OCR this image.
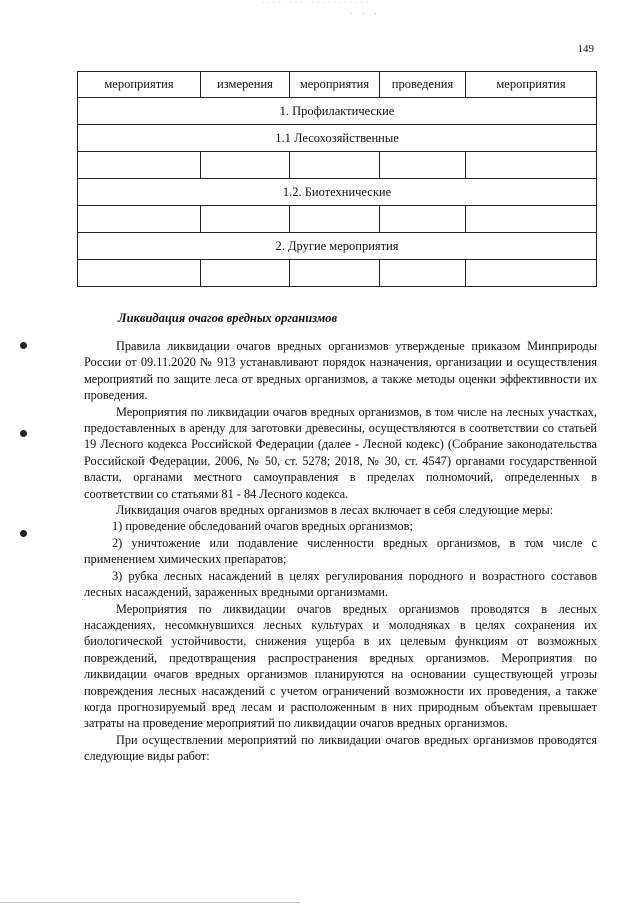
· · · · · · · · · · · · · · · · · · · ·
· · ·
149
мероприятия	измерения	мероприятия	проведения	мероприятия
1. Профилактические				
1.1 Лесохозяйственные				

1.2. Биотехнические				

2. Другие мероприятия				

Ликвидация очагов вредных организмов

Правила ликвидации очагов вредных организмов утвержденые приказом Минприроды России от 09.11.2020 № 913 устанавливают порядок назначения, организации и осуществления мероприятий по защите леса от вредных организмов, а также методы оценки эффективности их проведения.

Мероприятия по ликвидации очагов вредных организмов, в том числе на лесных участках, предоставленных в аренду для заготовки древесины, осуществляются в соответствии со статьей 19 Лесного кодекса Российской Федерации (далее - Лесной кодекс) (Собрание законодательства Российской Федерации, 2006, № 50, ст. 5278; 2018, № 30, ст. 4547) органами государственной власти, органами местного самоуправления в пределах полномочий, определенных в соответствии со статьями 81 - 84 Лесного кодекса.

Ликвидация очагов вредных организмов в лесах включает в себя следующие меры:

1) проведение обследований очагов вредных организмов;

2) уничтожение или подавление численности вредных организмов, в том числе с применением химических препаратов;

3) рубка лесных насаждений в целях регулирования породного и возрастного составов лесных насаждений, зараженных вредными организмами.

Мероприятия по ликвидации очагов вредных организмов проводятся в лесных насаждениях, несомкнувшихся лесных культурах и молодняках в целях сохранения их биологической устойчивости, снижения ущерба в их целевым функциям от возможных повреждений, предотвращения распространения вредных организмов. Мероприятия по ликвидации очагов вредных организмов планируются на основании существующей угрозы повреждения лесных насаждений с учетом ограничений возможности их проведения, а также когда прогнозируемый вред лесам и расположенным в них природным объектам превышает затраты на проведение мероприятий по ликвидации очагов вредных организмов.

При осуществлении мероприятий по ликвидации очагов вредных организмов проводятся следующие виды работ:
